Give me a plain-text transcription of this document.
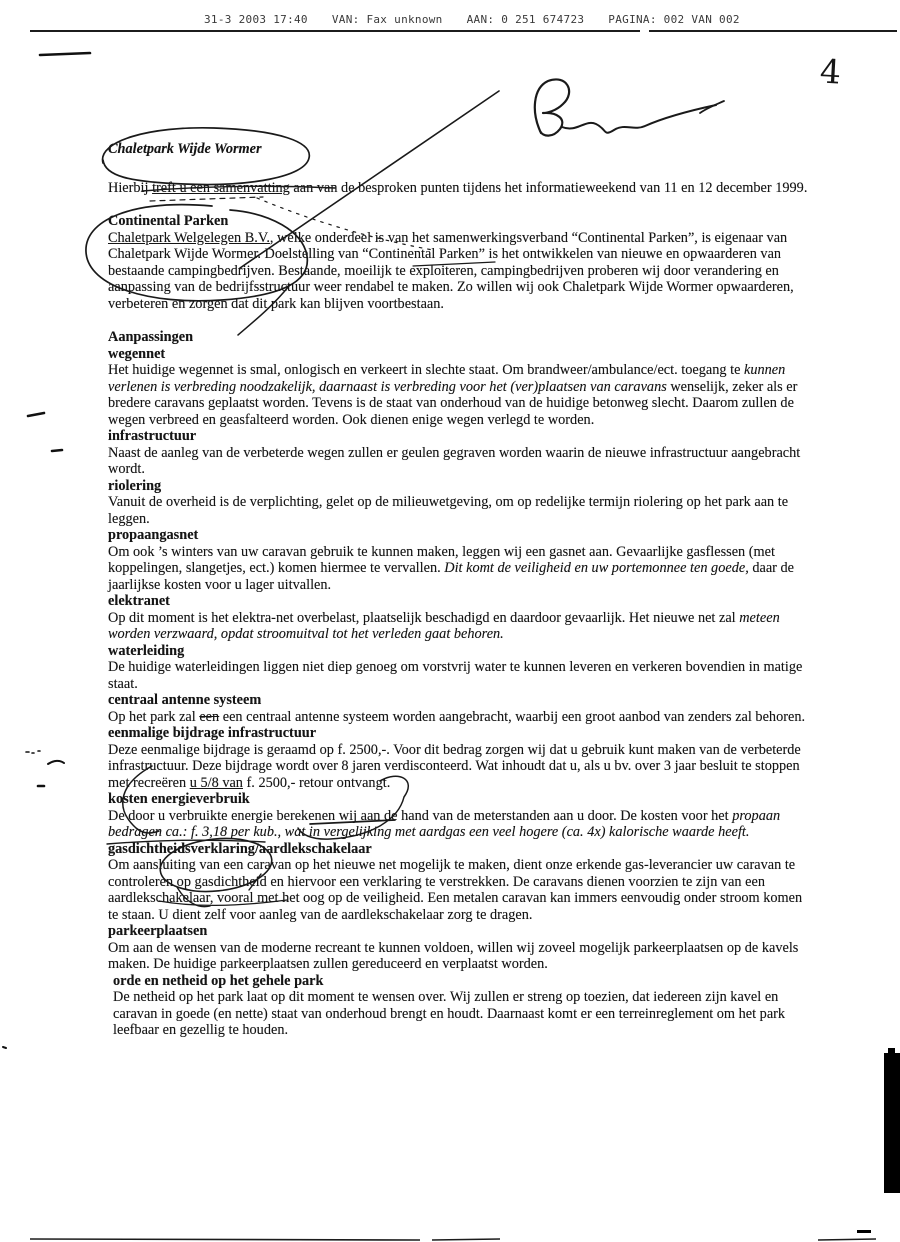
31-3 2003 17:40 VAN: Fax unknown AAN: 0 251 674723 PAGINA: 002 VAN 002
Chaletpark Wijde Wormer
Hierbij treft u een samenvatting aan van de besproken punten tijdens het informatieweekend van 11 en 12 december 1999.
Continental Parken
Chaletpark Welgelegen B.V., welke onderdeel is van het samenwerkingsverband “Continental Parken”, is eigenaar van Chaletpark Wijde Wormer. Doelstelling van “Continental Parken” is het ontwikkelen van nieuwe en opwaarderen van bestaande campingbedrijven. Bestaande, moeilijk te exploiteren, campingbedrijven proberen wij door verandering en aanpassing van de bedrijfsstructuur weer rendabel te maken. Zo willen wij ook Chaletpark Wijde Wormer opwaarderen, verbeteren en zorgen dat dit park kan blijven voortbestaan.
Aanpassingen
wegennet
Het huidige wegennet is smal, onlogisch en verkeert in slechte staat. Om brandweer/ambulance/ect. toegang te kunnen verlenen is verbreding noodzakelijk, daarnaast is verbreding voor het (ver)plaatsen van caravans wenselijk, zeker als er bredere caravans geplaatst worden. Tevens is de staat van onderhoud van de huidige betonweg slecht. Daarom zullen de wegen verbreed en geasfalteerd worden. Ook dienen enige wegen verlegd te worden.
infrastructuur
Naast de aanleg van de verbeterde wegen zullen er geulen gegraven worden waarin de nieuwe infrastructuur aangebracht wordt.
riolering
Vanuit de overheid is de verplichting, gelet op de milieuwetgeving, om op redelijke termijn riolering op het park aan te leggen.
propaangasnet
Om ook ’s winters van uw caravan gebruik te kunnen maken, leggen wij een gasnet aan. Gevaarlijke gasflessen (met koppelingen, slangetjes, ect.) komen hiermee te vervallen. Dit komt de veiligheid en uw portemonnee ten goede, daar de jaarlijkse kosten voor u lager uitvallen.
elektranet
Op dit moment is het elektra-net overbelast, plaatselijk beschadigd en daardoor gevaarlijk. Het nieuwe net zal meteen worden verzwaard, opdat stroomuitval tot het verleden gaat behoren.
waterleiding
De huidige waterleidingen liggen niet diep genoeg om vorstvrij water te kunnen leveren en verkeren bovendien in matige staat.
centraal antenne systeem
Op het park zal een een centraal antenne systeem worden aangebracht, waarbij een groot aanbod van zenders zal behoren.
eenmalige bijdrage infrastructuur
Deze eenmalige bijdrage is geraamd op f. 2500,-. Voor dit bedrag zorgen wij dat u gebruik kunt maken van de verbeterde infrastructuur. Deze bijdrage wordt over 8 jaren verdisconteerd. Wat inhoudt dat u, als u bv. over 3 jaar besluit te stoppen met recreëren u 5/8 van f. 2500,- retour ontvangt.
kosten energieverbruik
De door u verbruikte energie berekenen wij aan de hand van de meterstanden aan u door. De kosten voor het propaan bedragen ca.: f. 3,18 per kub., wat in vergelijking met aardgas een veel hogere (ca. 4x) kalorische waarde heeft.
gasdichtheidsverklaring/aardlekschakelaar
Om aansluiting van een caravan op het nieuwe net mogelijk te maken, dient onze erkende gas-leverancier uw caravan te controleren op gasdichtheid en hiervoor een verklaring te verstrekken. De caravans dienen voorzien te zijn van een aardlekschakelaar, vooral met het oog op de veiligheid. Een metalen caravan kan immers eenvoudig onder stroom komen te staan. U dient zelf voor aanleg van de aardlekschakelaar zorg te dragen.
parkeerplaatsen
Om aan de wensen van de moderne recreant te kunnen voldoen, willen wij zoveel mogelijk parkeerplaatsen op de kavels maken. De huidige parkeerplaatsen zullen gereduceerd en verplaatst worden.
orde en netheid op het gehele park
De netheid op het park laat op dit moment te wensen over. Wij zullen er streng op toezien, dat iedereen zijn kavel en caravan in goede (en nette) staat van onderhoud brengt en houdt. Daarnaast komt er een terreinreglement om het park leefbaar en gezellig te houden.
4
